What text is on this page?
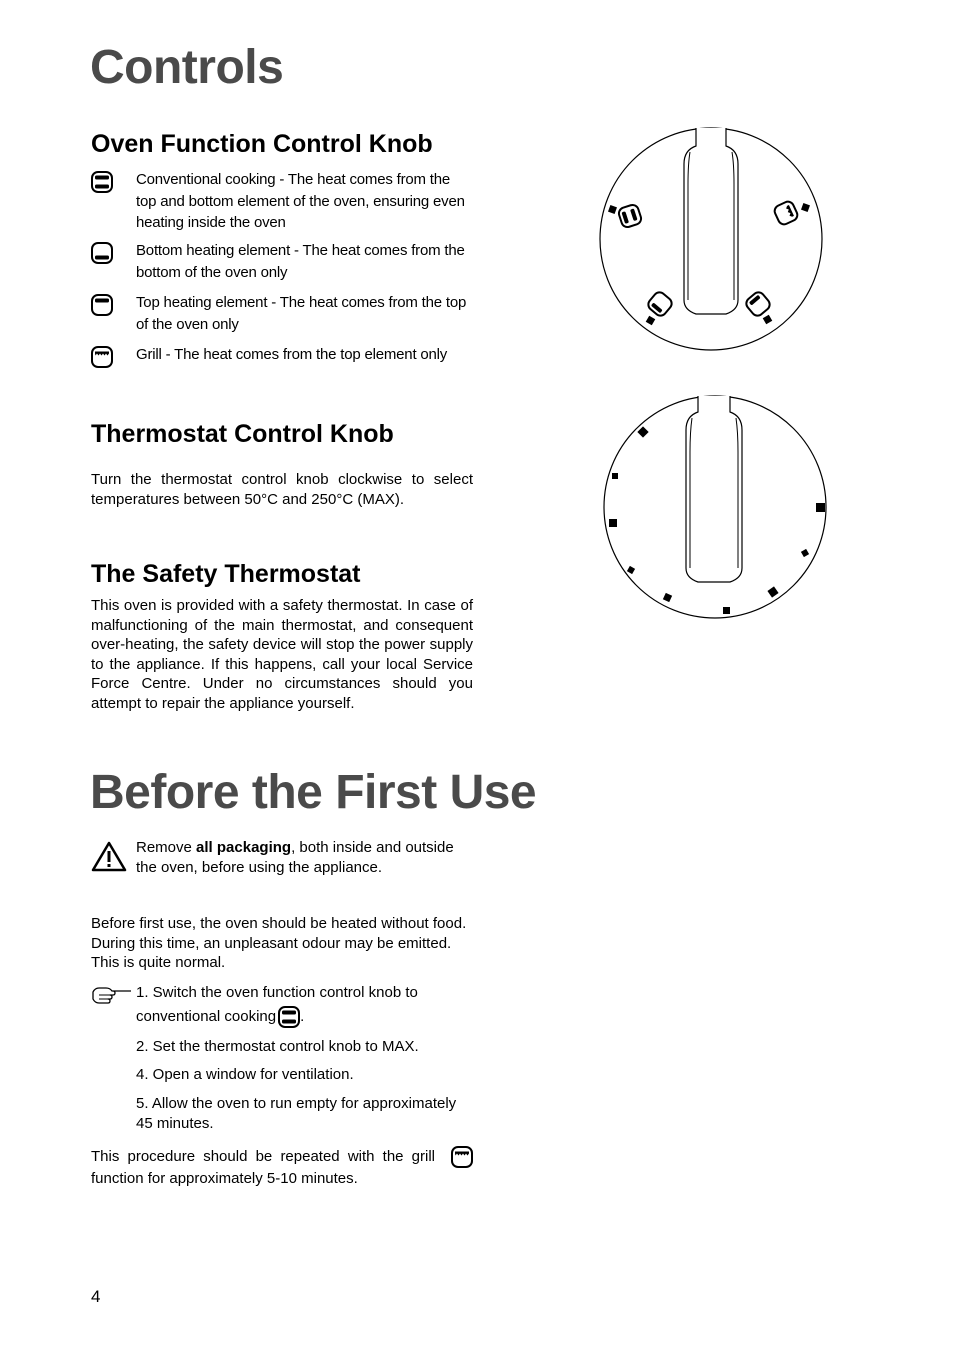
Controls
Oven Function Control Knob
Conventional cooking - The heat comes from the top and bottom element of the oven, ensuring even heating inside the oven
Bottom heating element - The heat comes from the bottom of the oven only
Top heating element - The heat comes from the top of the oven only
Grill - The heat comes from the top element only
Thermostat Control Knob
Turn the thermostat control knob clockwise to select temperatures between 50°C and 250°C (MAX).
The Safety Thermostat
This oven is provided with a safety thermostat. In case of malfunctioning of the main thermostat, and consequent over-heating, the safety device will stop the power supply to the appliance. If this happens, call your local Service Force Centre. Under no circumstances should you attempt to repair the appliance yourself.
Before the First Use
Remove all packaging, both inside and outside the oven, before using the appliance.
Before first use, the oven should be heated without food. During this time, an unpleasant odour may be emitted. This is quite normal.
1. Switch the oven function control knob to conventional cooking .
2. Set the thermostat control knob to MAX.
4. Open a window for ventilation.
5. Allow the oven to run empty for approximately 45 minutes.
This procedure should be repeated with the grill
function for approximately 5-10 minutes.
4
